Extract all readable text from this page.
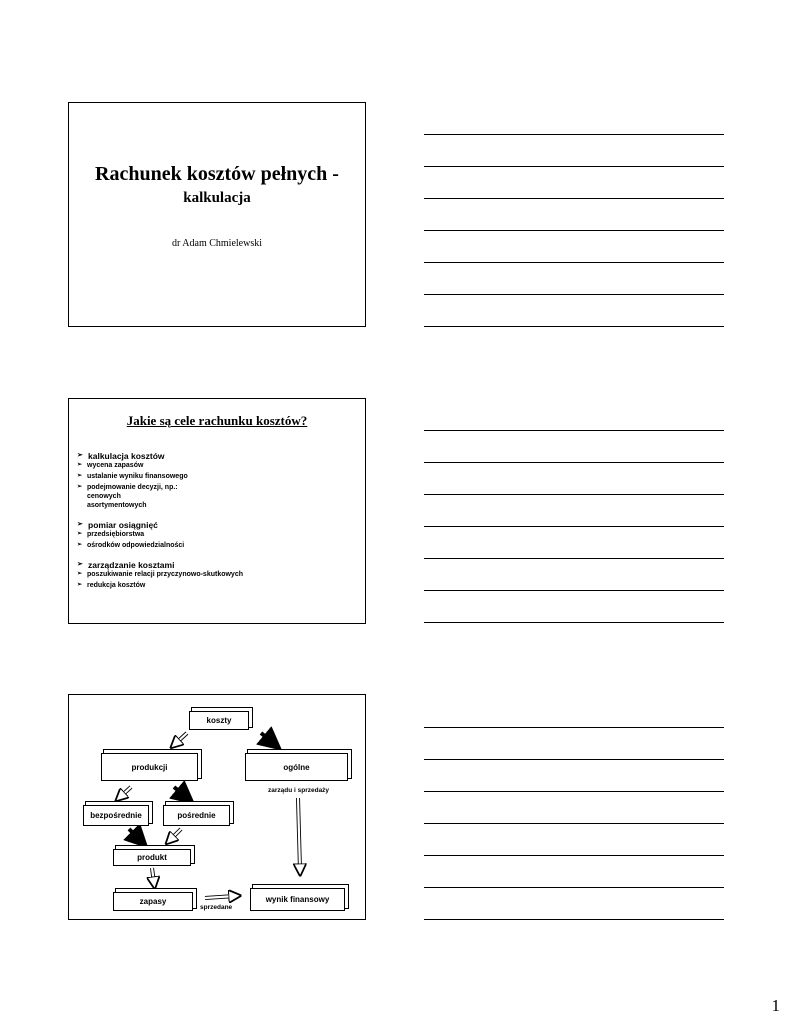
Rachunek kosztów pełnych -
kalkulacja
dr Adam Chmielewski
Jakie są cele rachunku kosztów?
➢ kalkulacja kosztów
➢ wycena zapasów
➢ ustalanie wyniku finansowego
➢ podejmowanie decyzji, np.:
cenowych
asortymentowych
➢ pomiar osiągnięć
➢ przedsiębiorstwa
➢ ośrodków odpowiedzialności
➢ zarządzanie kosztami
➢ poszukiwanie relacji przyczynowo-skutkowych
➢ redukcja kosztów
koszty
produkcji	ogólne
zarządu i sprzedaży
bezpośrednie	pośrednie
produkt
zapasy
sprzedane
wynik finansowy
1
